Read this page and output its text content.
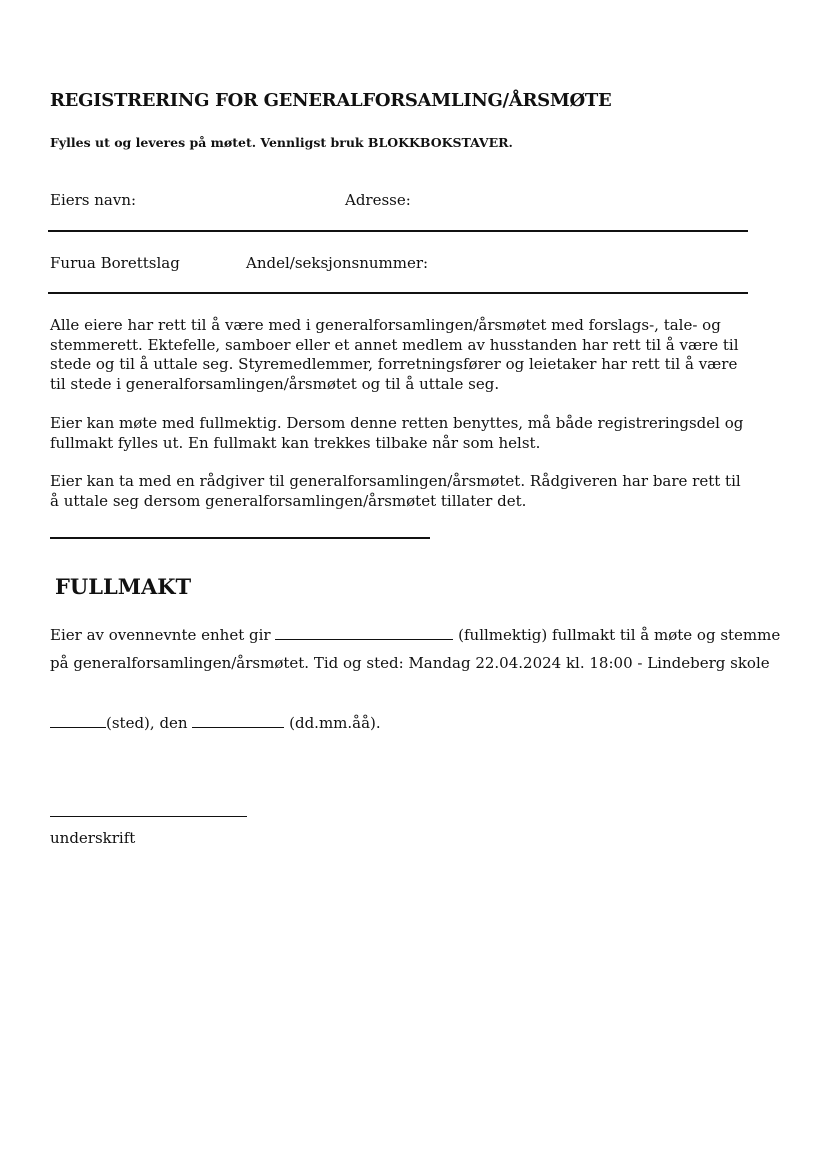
REGISTRERING FOR GENERALFORSAMLING/ÅRSMØTE
Fylles ut og leveres på møtet. Vennligst bruk BLOKKBOKSTAVER.
Eiers navn:	Adresse:
Furua Borettslag	Andel/seksjonsnummer:
Alle eiere har rett til å være med i generalforsamlingen/årsmøtet med forslags-, tale- og stemmerett. Ektefelle, samboer eller et annet medlem av husstanden har rett til å være til stede og til å uttale seg. Styremedlemmer, forretningsfører og leietaker har rett til å være til stede i generalforsamlingen/årsmøtet og til å uttale seg.
Eier kan møte med fullmektig. Dersom denne retten benyttes, må både registreringsdel og fullmakt fylles ut. En fullmakt kan trekkes tilbake når som helst.
Eier kan ta med en rådgiver til generalforsamlingen/årsmøtet. Rådgiveren har bare rett til å uttale seg dersom generalforsamlingen/årsmøtet tillater det.
FULLMAKT
Eier av ovennevnte enhet gir	(fullmektig) fullmakt til å møte og stemme
på generalforsamlingen/årsmøtet. Tid og sted: Mandag 22.04.2024 kl. 18:00 - Lindeberg skole
(sted), den	(dd.mm.åå).
underskrift
